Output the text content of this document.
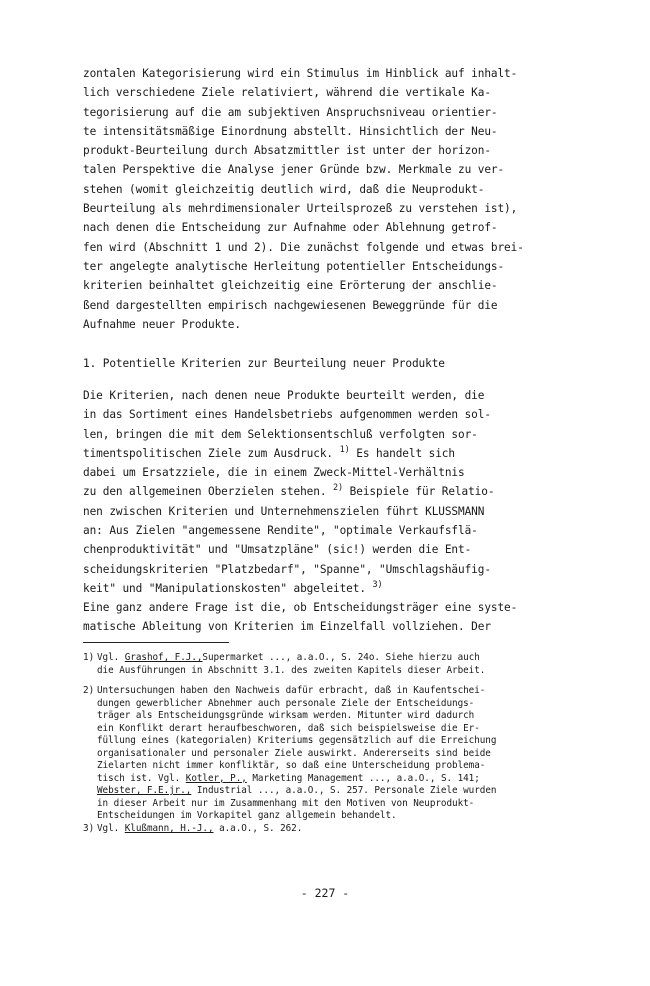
zontalen Kategorisierung wird ein Stimulus im Hinblick auf inhalt-
lich verschiedene Ziele relativiert, während die vertikale Ka-
tegorisierung auf die am subjektiven Anspruchsniveau orientier-
te intensitätsmäßige Einordnung abstellt. Hinsichtlich der Neu-
produkt-Beurteilung durch Absatzmittler ist unter der horizon-
talen Perspektive die Analyse jener Gründe bzw. Merkmale zu ver-
stehen (womit gleichzeitig deutlich wird, daß die Neuprodukt-
Beurteilung als mehrdimensionaler Urteilsprozeß zu verstehen ist),
nach denen die Entscheidung zur Aufnahme oder Ablehnung getrof-
fen wird (Abschnitt 1 und 2). Die zunächst folgende und etwas brei-
ter angelegte analytische Herleitung potentieller Entscheidungs-
kriterien beinhaltet gleichzeitig eine Erörterung der anschlie-
ßend dargestellten empirisch nachgewiesenen Beweggründe für die
Aufnahme neuer Produkte.
1. Potentielle Kriterien zur Beurteilung neuer Produkte
Die Kriterien, nach denen neue Produkte beurteilt werden, die
in das Sortiment eines Handelsbetriebs aufgenommen werden sol-
len, bringen die mit dem Selektionsentschluß verfolgten sor-
timentspolitischen Ziele zum Ausdruck. $^{1)}$ Es handelt sich
dabei um Ersatzziele, die in einem Zweck-Mittel-Verhältnis
zu den allgemeinen Oberzielen stehen. $^{2)}$ Beispiele für Relatio-
nen zwischen Kriterien und Unternehmenszielen führt KLUSSMANN
an: Aus Zielen "angemessene Rendite", "optimale Verkaufsflä-
chenproduktivität" und "Umsatzpläne" (sic!) werden die Ent-
scheidungskriterien "Platzbedarf", "Spanne", "Umschlagshäufig-
keit" und "Manipulationskosten" abgeleitet. $^{3)}$
Eine ganz andere Frage ist die, ob Entscheidungsträger eine syste-
matische Ableitung von Kriterien im Einzelfall vollziehen. Der
1) Vgl. Grashof, F.J.,Supermarket ..., a.a.O., S. 24o. Siehe hierzu auch
die Ausführungen in Abschnitt 3.1. des zweiten Kapitels dieser Arbeit.
2) Untersuchungen haben den Nachweis dafür erbracht, daß in Kaufentschei-
dungen gewerblicher Abnehmer auch personale Ziele der Entscheidungs-
träger als Entscheidungsgründe wirksam werden. Mitunter wird dadurch
ein Konflikt derart heraufbeschworen, daß sich beispielsweise die Er-
füllung eines (kategorialen) Kriteriums gegensätzlich auf die Erreichung
organisationaler und personaler Ziele auswirkt. Andererseits sind beide
Zielarten nicht immer konfliktär, so daß eine Unterscheidung problema-
tisch ist. Vgl. Kotler, P., Marketing Management ..., a.a.O., S. 141;
Webster, F.E.jr., Industrial ..., a.a.O., S. 257. Personale Ziele wurden
in dieser Arbeit nur im Zusammenhang mit den Motiven von Neuprodukt-
Entscheidungen im Vorkapitel ganz allgemein behandelt.
3) Vgl. Klußmann, H.-J., a.a.O., S. 262.
- 227 -
